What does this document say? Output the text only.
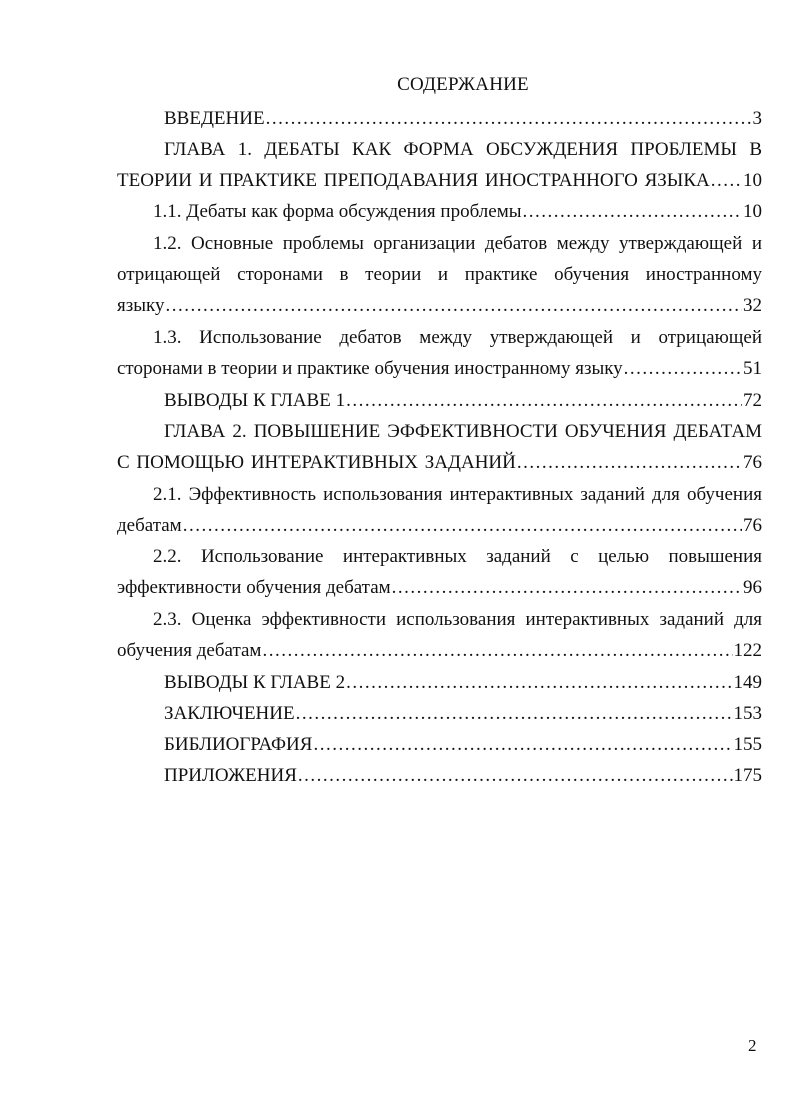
СОДЕРЖАНИЕ
ВВЕДЕНИЕ .....	3
ГЛАВА 1. ДЕБАТЫ КАК ФОРМА ОБСУЖДЕНИЯ ПРОБЛЕМЫ В
ТЕОРИИ И ПРАКТИКЕ ПРЕПОДАВАНИЯ ИНОСТРАННОГО ЯЗЫКА ..... 10
1.1. Дебаты как форма обсуждения проблемы .....	10
1.2. Основные проблемы организации дебатов между утверждающей и
отрицающей сторонами в теории и практике обучения иностранному
языку .....	32
1.3. Использование дебатов между утверждающей и отрицающей
сторонами в теории и практике обучения иностранному языку .....	51
ВЫВОДЫ К ГЛАВЕ 1 .....	72
ГЛАВА 2. ПОВЫШЕНИЕ ЭФФЕКТИВНОСТИ ОБУЧЕНИЯ ДЕБАТАМ
С ПОМОЩЬЮ ИНТЕРАКТИВНЫХ ЗАДАНИЙ .....	76
2.1. Эффективность использования интерактивных заданий для обучения
дебатам .....	76
2.2. Использование интерактивных заданий с целью повышения
эффективности обучения дебатам .....	96
2.3. Оценка эффективности использования интерактивных заданий для
обучения дебатам .....	122
ВЫВОДЫ К ГЛАВЕ 2 .....	149
ЗАКЛЮЧЕНИЕ .....	153
БИБЛИОГРАФИЯ .....	155
ПРИЛОЖЕНИЯ .....	175
2
